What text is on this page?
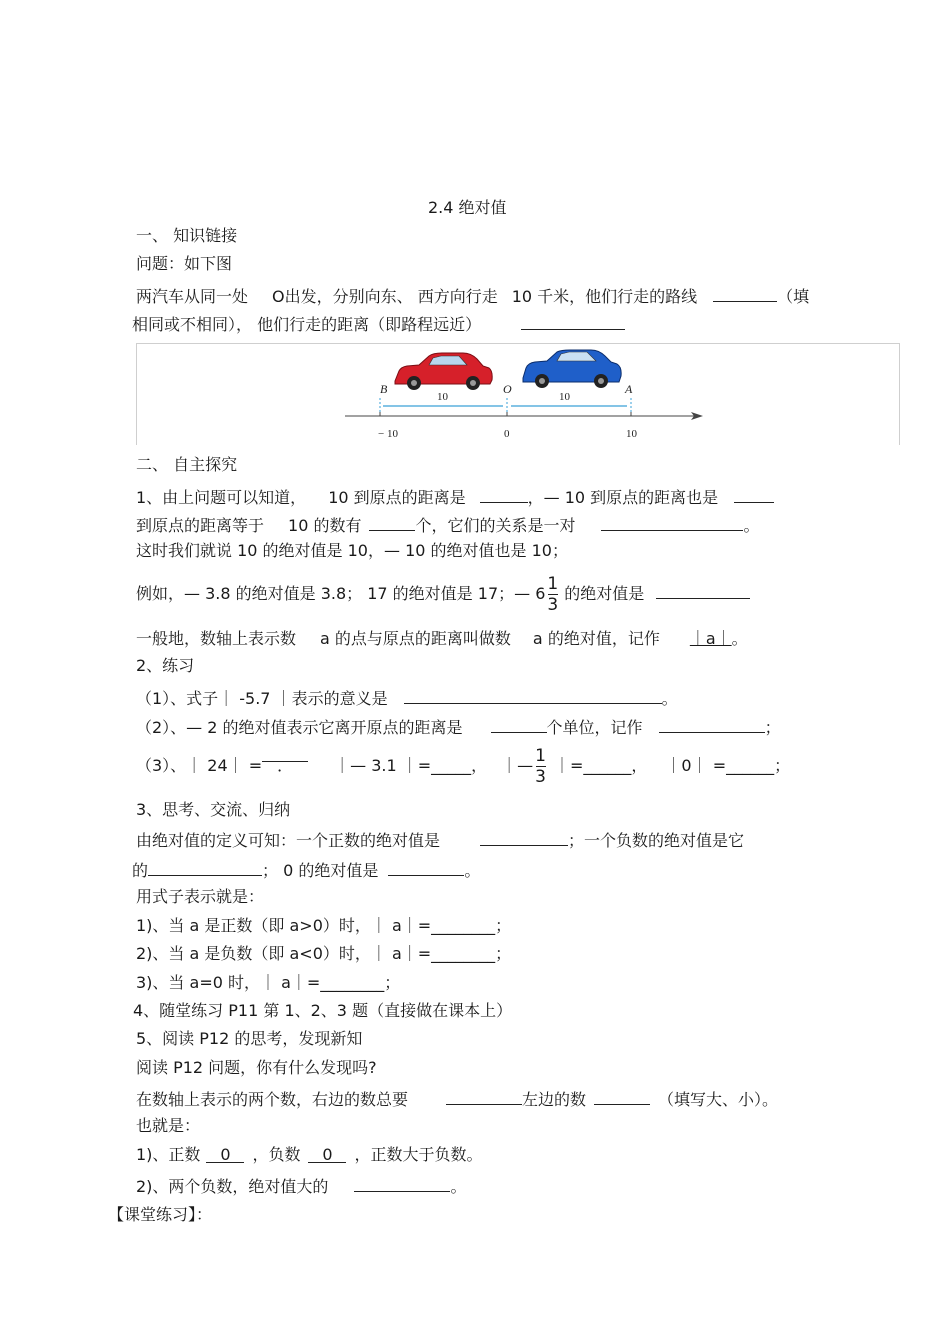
2.4 绝对值
一、 知识链接
问题：如下图
两汽车从同一处 O出发，分别向东、 西方向行走 10 千米，他们行走的路线	（填
相同或不相同）， 他们行走的距离（即路程远近）
B	O	A
10	10
− 10	0	10
二、 自主探究
1、由上问题可以知道， 10 到原点的距离是	，— 10 到原点的距离也是
到原点的距离等于 10 的数有	个，它们的关系是一对	。
这时我们就说 10 的绝对值是 10，— 10 的绝对值也是 10；
例如，— 3.8 的绝对值是 3.8； 17 的绝对值是 17；— $6 \frac{1}{3}$ 的绝对值是
一般地，数轴上表示数 a 的点与原点的距离叫做数 a 的绝对值，记作 ｜a｜。
2、练习
（1）、式子｜ -5.7 ｜表示的意义是	。
（2）、— 2 的绝对值表示它离开原点的距离是	个单位，记作	；
（3）、｜ 24｜ = ．	｜— 3.1 ｜=_____， ｜— $\frac{1}{3}$ ｜=______， ｜0｜ =______；
3、思考、交流、归纳
由绝对值的定义可知：一个正数的绝对值是	；一个负数的绝对值是它
的	； 0 的绝对值是	。
用式子表示就是：
1)、当 a 是正数（即 a>0）时，｜ a｜=________；
2)、当 a 是负数（即 a<0）时，｜ a｜=________；
3)、当 a=0 时，｜ a｜=________；
4、随堂练习 P11 第 1、2、3 题（直接做在课本上）
5、阅读 P12 的思考，发现新知
阅读 P12 问题，你有什么发现吗?
在数轴上表示的两个数，右边的数总要	左边的数	（填写大、小）。
也就是：
1)、正数 0 ，负数 0 ，正数大于负数。
2)、两个负数，绝对值大的	。
【课堂练习】：
